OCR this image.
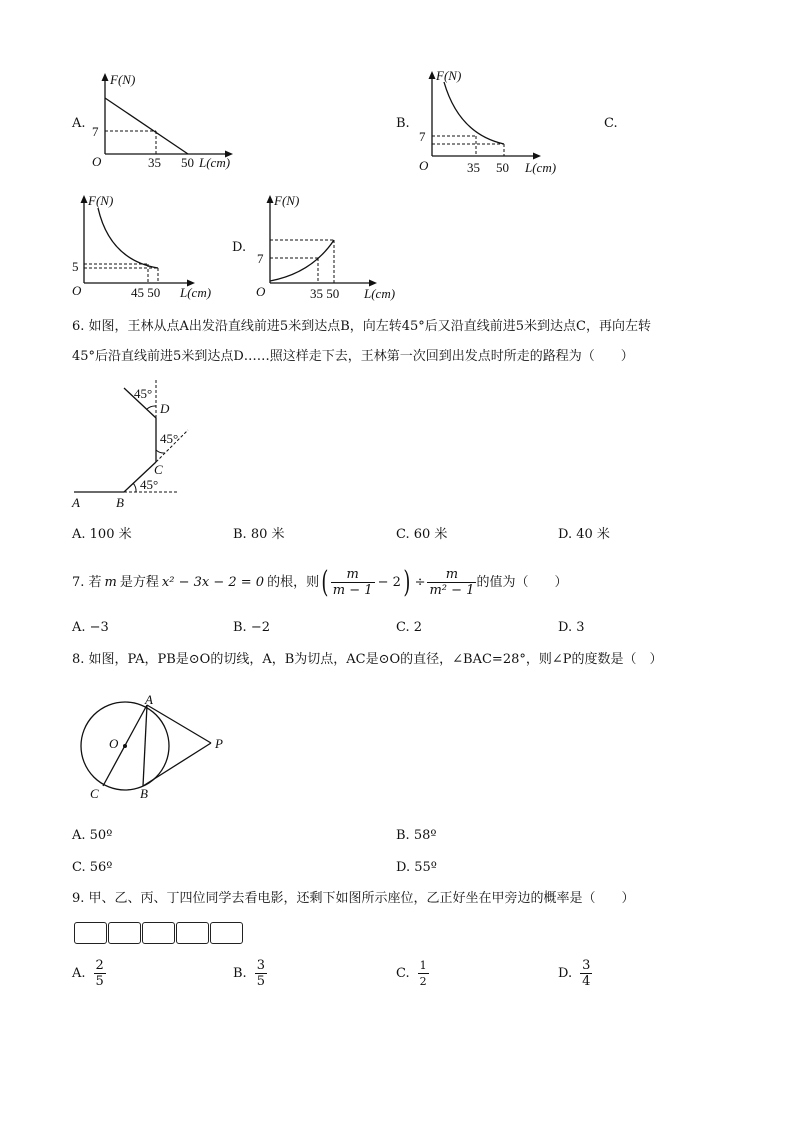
A.
F(N)
7
O	35 50 L(cm)
B.
F(N)
7
O	35 50 L(cm)
C.
F(N)
5
O	45 50 L(cm)
D.
F(N)
7
O	35 50 L(cm)
6. 如图，王林从点A出发沿直线前进5米到达点B，向左转45°后又沿直线前进5米到达点C，再向左转
45°后沿直线前进5米到达点D……照这样走下去，王林第一次回到出发点时所走的路程为（　　）
A	B
C
D
45°
45°
45°
A. 100 米	B. 80 米	C. 60 米	D. 40 米
7. 若 m 是方程 x² − 3x − 2 = 0 的根，则 ( $\frac{m}{m - 1} - 2$ ) ÷ $\frac{m}{\text{m² − 1}}$ 的值为（　　）
A. −3	B. −2	C. 2	D. 3
8. 如图，PA，PB是⊙O的切线，A，B为切点，AC是⊙O的直径，∠BAC=28°，则∠P的度数是（　）
A
B
C
O	P
A. 50º	B. 58º
C. 56º	D. 55º
9. 甲、乙、丙、丁四位同学去看电影，还剩下如图所示座位，乙正好坐在甲旁边的概率是（　　）
A. $\frac{2}{5}$	B. $\frac{3}{5}$	C. $\frac{1}{2}$	D. $\frac{3}{4}$
